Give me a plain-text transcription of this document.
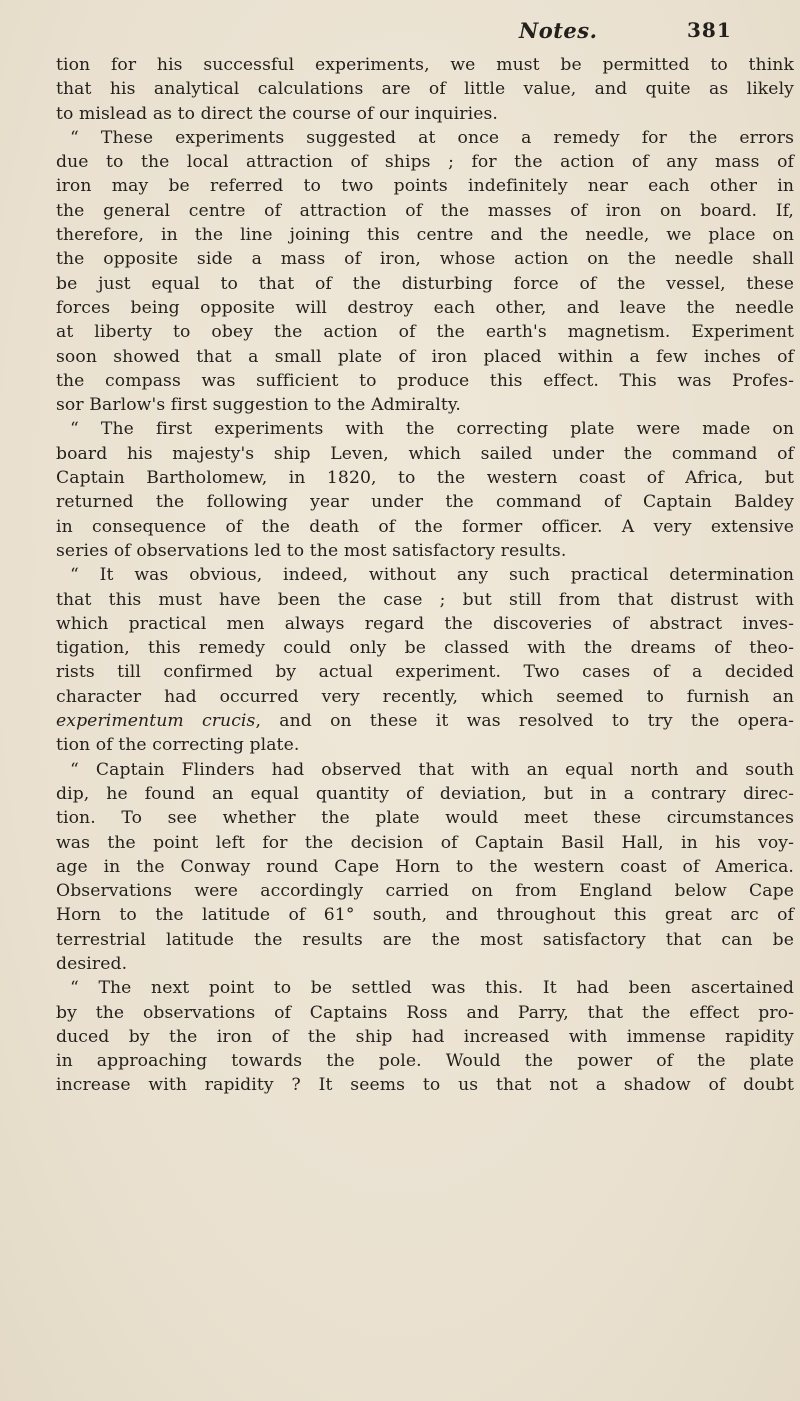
Notes.	381
tion for his successful experiments, we must be permitted to think
that his analytical calculations are of little value, and quite as likely
to mislead as to direct the course of our inquiries.
“ These experiments suggested at once a remedy for the errors
due to the local attraction of ships ; for the action of any mass of
iron may be referred to two points indefinitely near each other in
the general centre of attraction of the masses of iron on board. If,
therefore, in the line joining this centre and the needle, we place on
the opposite side a mass of iron, whose action on the needle shall
be just equal to that of the disturbing force of the vessel, these
forces being opposite will destroy each other, and leave the needle
at liberty to obey the action of the earth's magnetism. Experiment
soon showed that a small plate of iron placed within a few inches of
the compass was sufficient to produce this effect. This was Profes-
sor Barlow's first suggestion to the Admiralty.
“ The first experiments with the correcting plate were made on
board his majesty's ship Leven, which sailed under the command of
Captain Bartholomew, in 1820, to the western coast of Africa, but
returned the following year under the command of Captain Baldey
in consequence of the death of the former officer. A very extensive
series of observations led to the most satisfactory results.
“ It was obvious, indeed, without any such practical determination
that this must have been the case ; but still from that distrust with
which practical men always regard the discoveries of abstract inves-
tigation, this remedy could only be classed with the dreams of theo-
rists till confirmed by actual experiment. Two cases of a decided
character had occurred very recently, which seemed to furnish an
experimentum crucis, and on these it was resolved to try the opera-
tion of the correcting plate.
“ Captain Flinders had observed that with an equal north and south
dip, he found an equal quantity of deviation, but in a contrary direc-
tion. To see whether the plate would meet these circumstances
was the point left for the decision of Captain Basil Hall, in his voy-
age in the Conway round Cape Horn to the western coast of America.
Observations were accordingly carried on from England below Cape
Horn to the latitude of 61° south, and throughout this great arc of
terrestrial latitude the results are the most satisfactory that can be
desired.
“ The next point to be settled was this. It had been ascertained
by the observations of Captains Ross and Parry, that the effect pro-
duced by the iron of the ship had increased with immense rapidity
in approaching towards the pole. Would the power of the plate
increase with rapidity ? It seems to us that not a shadow of doubt
